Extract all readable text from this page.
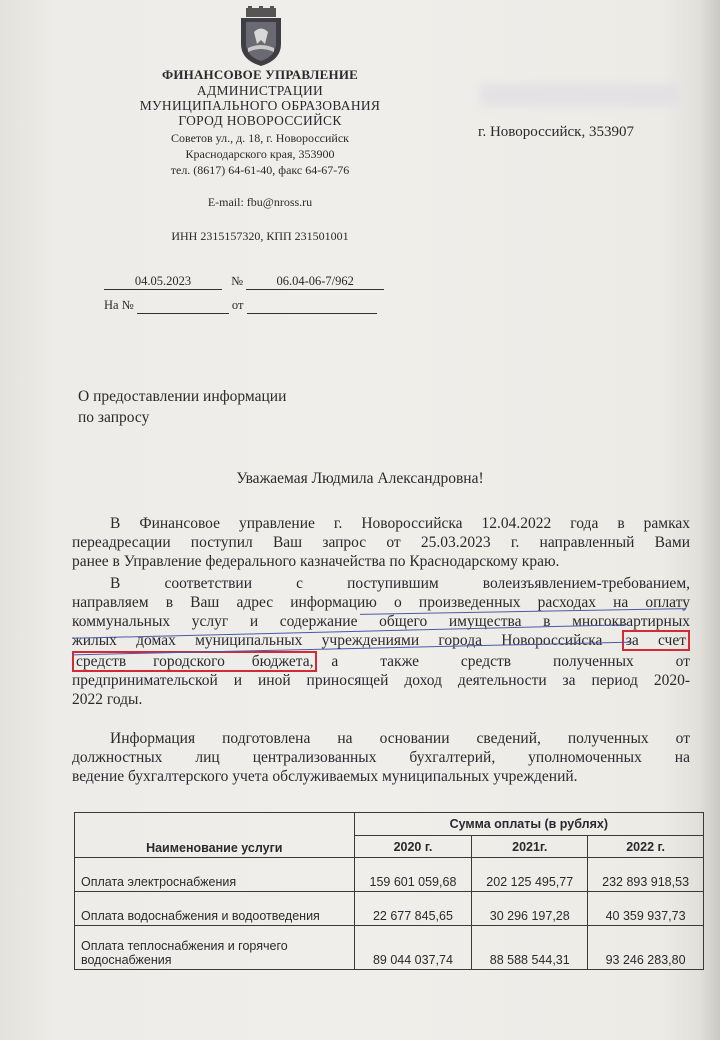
ФИНАНСОВОЕ УПРАВЛЕНИЕ
АДМИНИСТРАЦИИ
МУНИЦИПАЛЬНОГО ОБРАЗОВАНИЯ
ГОРОД НОВОРОССИЙСК
Советов ул., д. 18, г. Новороссийск
Краснодарского края, 353900
тел. (8617) 64-61-40, факс 64-67-76
E-mail: fbu@nross.ru
ИНН 2315157320, КПП 231501001
г. Новороссийск, 353907
04.05.2023	№	06.04-06-7/962
На №	от
О предоставлении информации
по запросу
Уважаемая Людмила Александровна!
В Финансовое управление г. Новороссийска 12.04.2022 года в рамках
переадресации поступил Ваш запрос от 25.03.2023 г. направленный Вами
ранее в Управление федерального казначейства по Краснодарскому краю.
В соответствии с поступившим волеизъявлением-требованием,
направляем в Ваш адрес информацию о произведенных расходах на оплату
коммунальных услуг и содержание общего имущества в многоквартирных
жилых домах муниципальных учреждениями города Новороссийска за счет
средств городского бюджета, а также средств полученных от
предпринимательской и иной приносящей доход деятельности за период 2020-
2022 годы.
Информация подготовлена на основании сведений, полученных от
должностных лиц централизованных бухгалтерий, уполномоченных на
ведение бухгалтерского учета обслуживаемых муниципальных учреждений.
Наименование услуги	Сумма оплаты (в рублях)		
	2020 г.	2021г.	2022 г.
Оплата электроснабжения	159 601 059,68	202 125 495,77	232 893 918,53
Оплата водоснабжения и водоотведения	22 677 845,65	30 296 197,28	40 359 937,73
Оплата теплоснабжения и горячего водоснабжения	89 044 037,74	88 588 544,31	93 246 283,80
